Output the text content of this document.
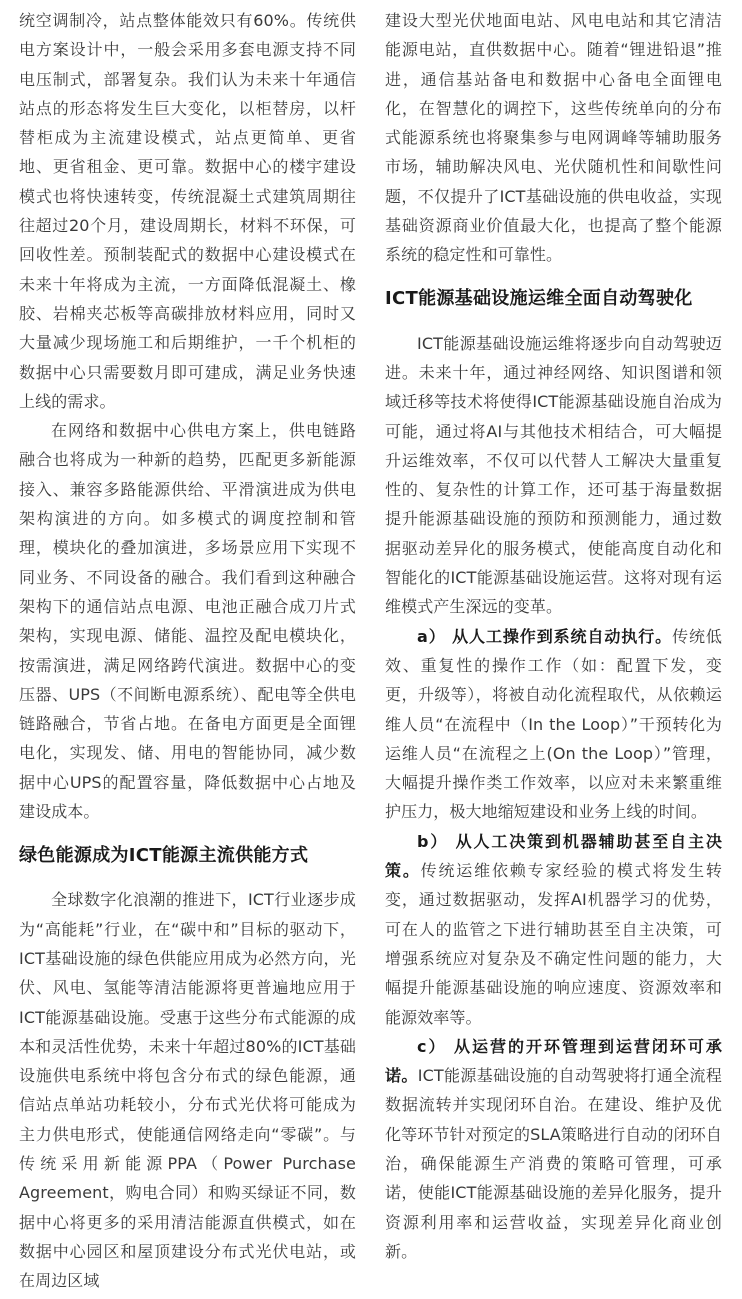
统空调制冷，站点整体能效只有60%。传统供电方案设计中，一般会采用多套电源支持不同电压制式，部署复杂。我们认为未来十年通信站点的形态将发生巨大变化，以柜替房，以杆替柜成为主流建设模式，站点更简单、更省地、更省租金、更可靠。数据中心的楼宇建设模式也将快速转变，传统混凝土式建筑周期往往超过20个月，建设周期长，材料不环保，可回收性差。预制装配式的数据中心建设模式在未来十年将成为主流，一方面降低混凝土、橡胶、岩棉夹芯板等高碳排放材料应用，同时又大量减少现场施工和后期维护，一千个机柜的数据中心只需要数月即可建成，满足业务快速上线的需求。

在网络和数据中心供电方案上，供电链路融合也将成为一种新的趋势，匹配更多新能源接入、兼容多路能源供给、平滑演进成为供电架构演进的方向。如多模式的调度控制和管理，模块化的叠加演进，多场景应用下实现不同业务、不同设备的融合。我们看到这种融合架构下的通信站点电源、电池正融合成刀片式架构，实现电源、储能、温控及配电模块化，按需演进，满足网络跨代演进。数据中心的变压器、UPS（不间断电源系统）、配电等全供电链路融合，节省占地。在备电方面更是全面锂电化，实现发、储、用电的智能协同，减少数据中心UPS的配置容量，降低数据中心占地及建设成本。

绿色能源成为ICT能源主流供能方式

全球数字化浪潮的推进下，ICT行业逐步成为“高能耗”行业，在“碳中和”目标的驱动下，ICT基础设施的绿色供能应用成为必然方向，光伏、风电、氢能等清洁能源将更普遍地应用于ICT能源基础设施。受惠于这些分布式能源的成本和灵活性优势，未来十年超过80%的ICT基础设施供电系统中将包含分布式的绿色能源，通信站点单站功耗较小，分布式光伏将可能成为主力供电形式，使能通信网络走向“零碳”。与传统采用新能源PPA（Power Purchase Agreement，购电合同）和购买绿证不同，数据中心将更多的采用清洁能源直供模式，如在数据中心园区和屋顶建设分布式光伏电站，或在周边区域

建设大型光伏地面电站、风电电站和其它清洁能源电站，直供数据中心。随着“锂进铅退”推进，通信基站备电和数据中心备电全面锂电化，在智慧化的调控下，这些传统单向的分布式能源系统也将聚集参与电网调峰等辅助服务市场，辅助解决风电、光伏随机性和间歇性问题，不仅提升了ICT基础设施的供电收益，实现基础资源商业价值最大化，也提高了整个能源系统的稳定性和可靠性。

ICT能源基础设施运维全面自动驾驶化

ICT能源基础设施运维将逐步向自动驾驶迈进。未来十年，通过神经网络、知识图谱和领域迁移等技术将使得ICT能源基础设施自治成为可能，通过将AI与其他技术相结合，可大幅提升运维效率，不仅可以代替人工解决大量重复性的、复杂性的计算工作，还可基于海量数据提升能源基础设施的预防和预测能力，通过数据驱动差异化的服务模式，使能高度自动化和智能化的ICT能源基础设施运营。这将对现有运维模式产生深远的变革。

a） 从人工操作到系统自动执行。传统低效、重复性的操作工作（如：配置下发，变更，升级等），将被自动化流程取代，从依赖运维人员“在流程中（In the Loop）”干预转化为运维人员“在流程之上(On the Loop）”管理，大幅提升操作类工作效率，以应对未来繁重维护压力，极大地缩短建设和业务上线的时间。

b） 从人工决策到机器辅助甚至自主决策。传统运维依赖专家经验的模式将发生转变，通过数据驱动，发挥AI机器学习的优势，可在人的监管之下进行辅助甚至自主决策，可增强系统应对复杂及不确定性问题的能力，大幅提升能源基础设施的响应速度、资源效率和能源效率等。

c） 从运营的开环管理到运营闭环可承诺。ICT能源基础设施的自动驾驶将打通全流程数据流转并实现闭环自治。在建设、维护及优化等环节针对预定的SLA策略进行自动的闭环自治，确保能源生产消费的策略可管理，可承诺，使能ICT能源基础设施的差异化服务，提升资源利用率和运营收益，实现差异化商业创新。
